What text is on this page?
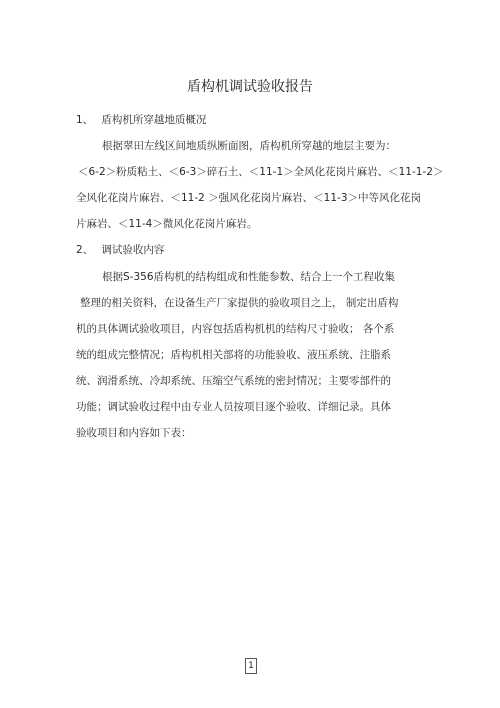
盾构机调试验收报告
1、 盾构机所穿越地质概况
根据翠田左线区间地质纵断面图，盾构机所穿越的地层主要为：
＜6-2＞粉质粘土、＜6-3＞碎石土、＜11-1＞全风化花岗片麻岩、＜11-1-2＞
全风化花岗片麻岩、＜11-2 ＞强风化花岗片麻岩、＜11-3＞中等风化花岗
片麻岩、＜11-4＞微风化花岗片麻岩。
2、 调试验收内容
根据S-356盾构机的结构组成和性能参数、结合上一个工程收集
整理的相关资料，在设备生产厂家提供的验收项目之上， 制定出盾构
机的具体调试验收项目，内容包括盾构机机的结构尺寸验收； 各个系
统的组成完整情况；盾构机相关部将的功能验收、液压系统、注脂系
统、润滑系统、冷却系统、压缩空气系统的密封情况；主要零部件的
功能；调试验收过程中由专业人员按项目逐个验收、详细记录。具体
验收项目和内容如下表：
1
